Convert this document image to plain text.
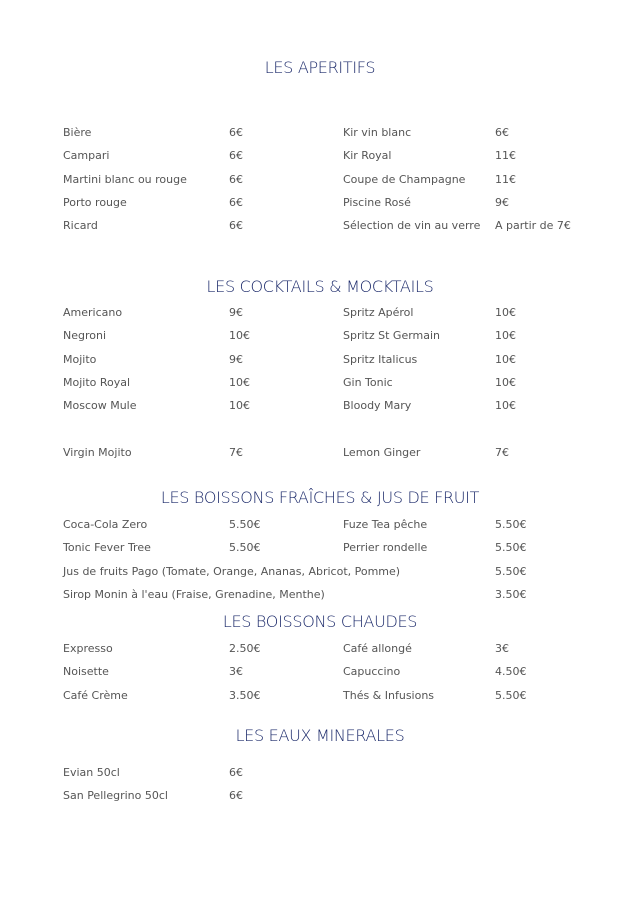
LES APERITIFS
LES COCKTAILS & MOCKTAILS
LES BOISSONS FRAÎCHES & JUS DE FRUIT
LES BOISSONS CHAUDES
LES EAUX MINERALES
Bière	6€	Kir vin blanc	6€
Campari	6€	Kir Royal	11€
Martini blanc ou rouge	6€	Coupe de Champagne	11€
Porto rouge	6€	Piscine Rosé	9€
Ricard	6€	Sélection de vin au verre A partir de 7€
Americano	9€	Spritz Apérol	10€
Negroni	10€	Spritz St Germain	10€
Mojito	9€	Spritz Italicus	10€
Mojito Royal	10€	Gin Tonic	10€
Moscow Mule	10€	Bloody Mary	10€
Virgin Mojito	7€	Lemon Ginger	7€
Coca-Cola Zero	5.50€	Fuze Tea pêche	5.50€
Tonic Fever Tree	5.50€	Perrier rondelle	5.50€
Jus de fruits Pago (Tomate, Orange, Ananas, Abricot, Pomme)	5.50€
Sirop Monin à l'eau (Fraise, Grenadine, Menthe)	3.50€
Expresso	2.50€	Café allongé	3€
Noisette	3€	Capuccino	4.50€
Café Crème	3.50€	Thés & Infusions	5.50€
Evian 50cl	6€
San Pellegrino 50cl	6€
